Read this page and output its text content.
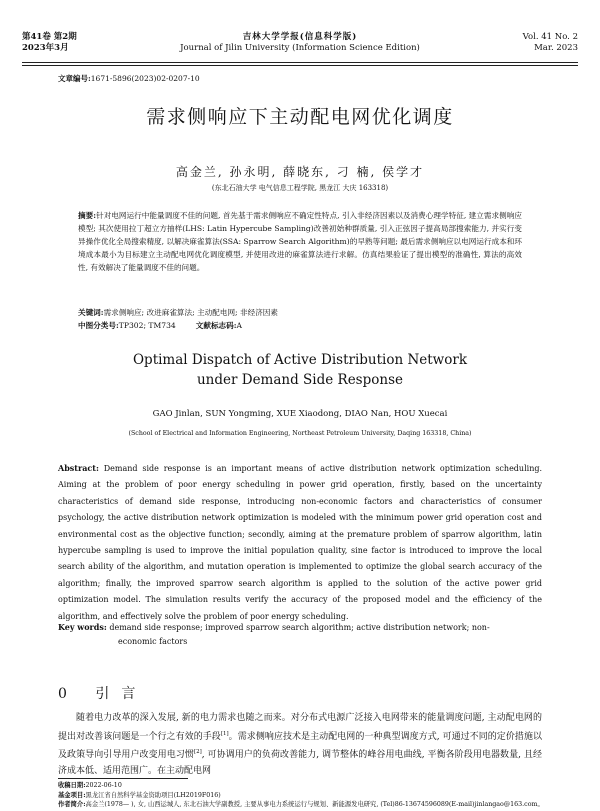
第41卷 第2期
2023年3月
吉林大学学报(信息科学版)
Journal of Jilin University (Information Science Edition)
Vol. 41 No. 2
Mar. 2023
文章编号:1671-5896(2023)02-0207-10
需求侧响应下主动配电网优化调度
高金兰, 孙永明, 薛晓东, 刁 楠, 侯学才
(东北石油大学 电气信息工程学院, 黑龙江 大庆 163318)
摘要:针对电网运行中能量调度不佳的问题, 首先基于需求侧响应不确定性特点, 引入非经济因素以及消费心理学特征, 建立需求侧响应模型; 其次使用拉丁超立方抽样(LHS: Latin Hypercube Sampling)改善初始种群质量, 引入正弦因子提高局部搜索能力, 并实行变异操作优化全局搜索精度, 以解决麻雀算法(SSA: Sparrow Search Algorithm)的早熟等问题; 最后需求侧响应以电网运行成本和环境成本最小为目标建立主动配电网优化调度模型, 并使用改进的麻雀算法进行求解。仿真结果验证了提出模型的准确性, 算法的高效性, 有效解决了能量调度不佳的问题。
关键词:需求侧响应; 改进麻雀算法; 主动配电网; 非经济因素
中图分类号:TP302; TM734	文献标志码:A
Optimal Dispatch of Active Distribution Network
under Demand Side Response
GAO Jinlan, SUN Yongming, XUE Xiaodong, DIAO Nan, HOU Xuecai
(School of Electrical and Information Engineering, Northeast Petroleum University, Daqing 163318, China)
Abstract: Demand side response is an important means of active distribution network optimization scheduling. Aiming at the problem of poor energy scheduling in power grid operation, firstly, based on the uncertainty characteristics of demand side response, introducing non-economic factors and characteristics of consumer psychology, the active distribution network optimization is modeled with the minimum power grid operation cost and environmental cost as the objective function; secondly, aiming at the premature problem of sparrow algorithm, latin hypercube sampling is used to improve the initial population quality, sine factor is introduced to improve the local search ability of the algorithm, and mutation operation is implemented to optimize the global search accuracy of the algorithm; finally, the improved sparrow search algorithm is applied to the solution of the active power grid optimization model. The simulation results verify the accuracy of the proposed model and the efficiency of the algorithm, and effectively solve the problem of poor energy scheduling.
Key words: demand side response; improved sparrow search algorithm; active distribution network; non-
economic factors
0 引言
随着电力改革的深入发展, 新的电力需求也随之而来。对分布式电源广泛接入电网带来的能量调度问题, 主动配电网的提出对改善该问题是一个行之有效的手段[1]。需求侧响应技术是主动配电网的一种典型调度方式, 可通过不同的定价措施以及政策导向引导用户改变用电习惯[2], 可协调用户的负荷改善能力, 调节整体的峰谷用电曲线, 平衡各阶段用电器数量, 且经济成本低、适用范围广。在主动配电网
收稿日期:2022-06-10
基金项目:黑龙江省自然科学基金资助项目(LH2019F016)
作者简介:高金兰(1978— ), 女, 山西运城人, 东北石油大学副教授, 主要从事电力系统运行与规划、新能源发电研究, (Tel)86-13674596089(E-mail)jinlangao@163.com。
